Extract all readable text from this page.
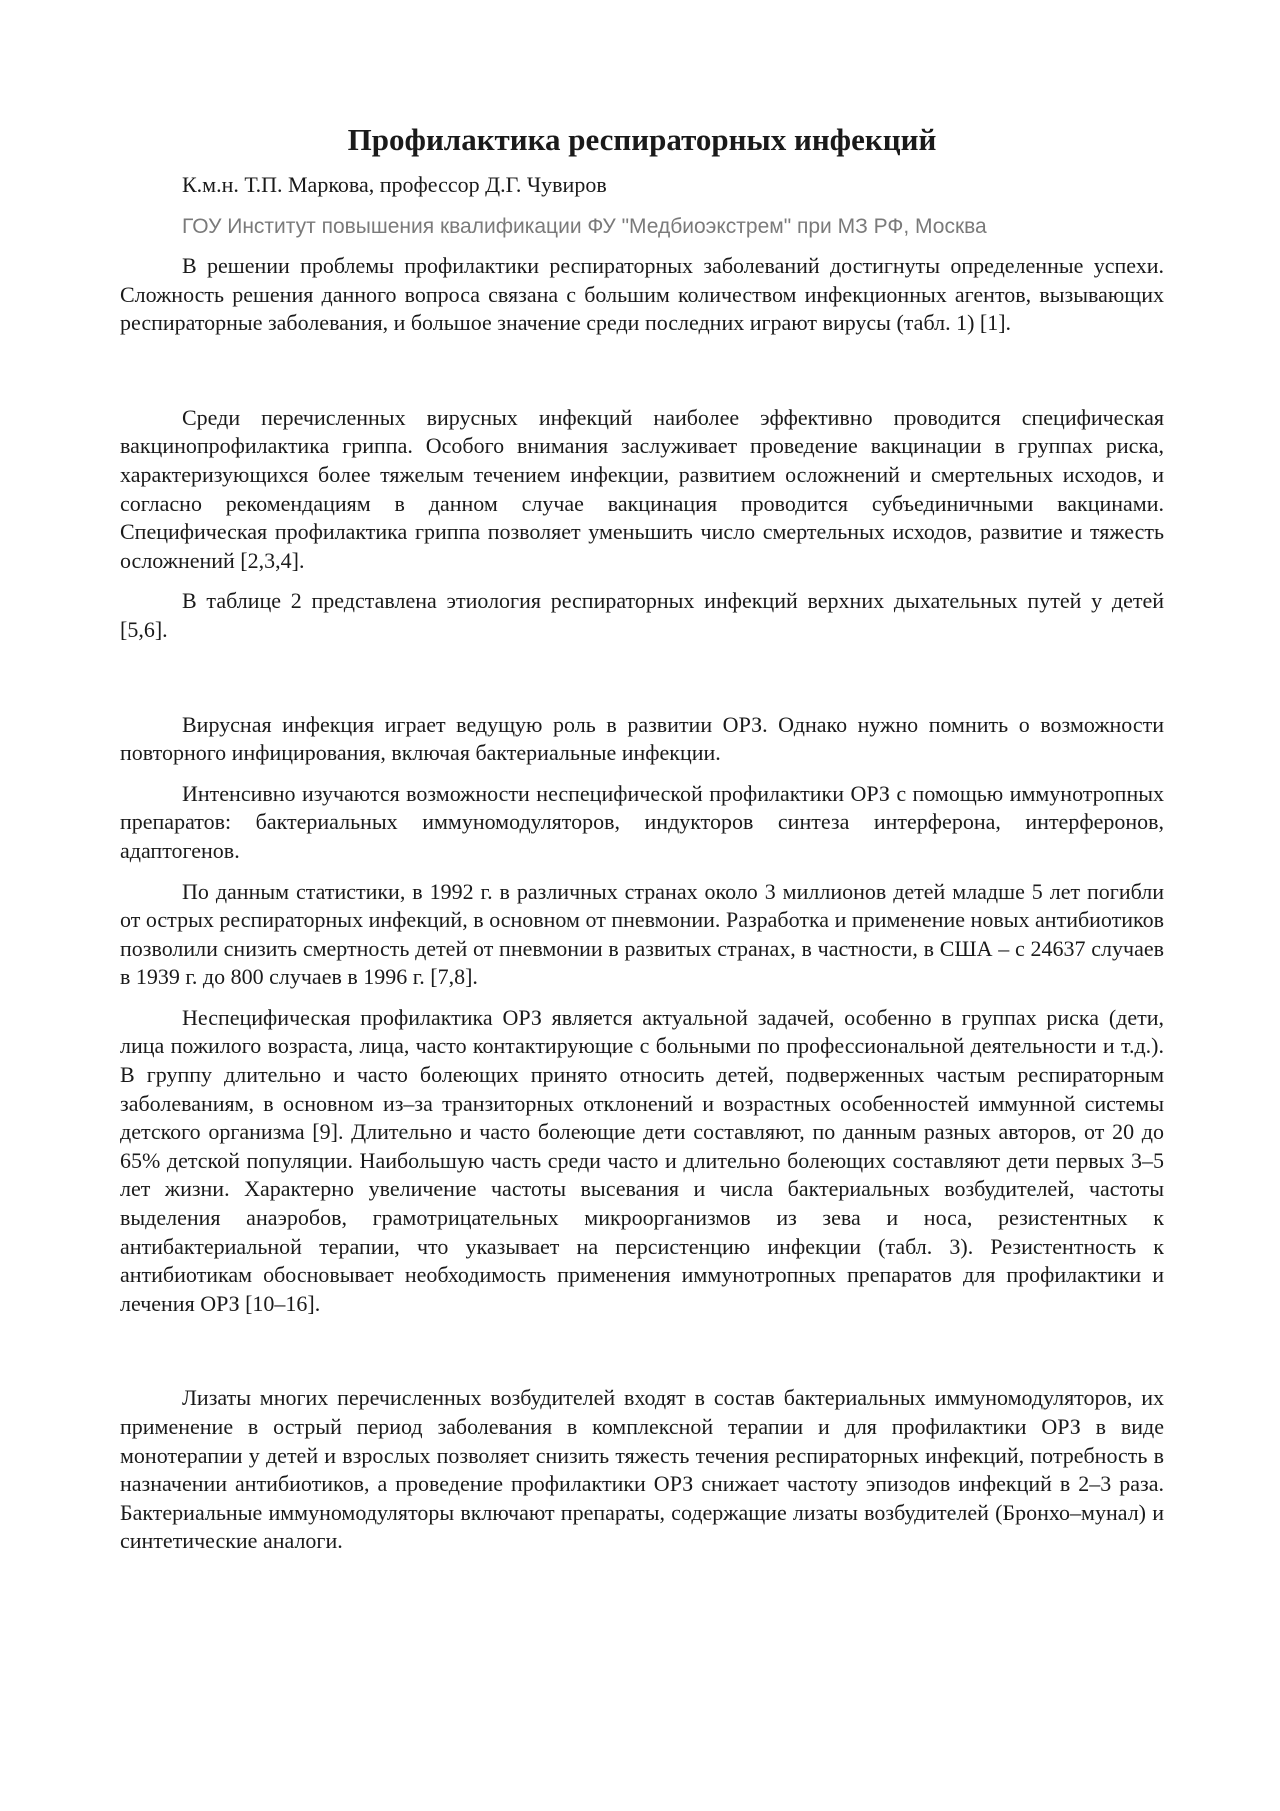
Профилактика респираторных инфекций
К.м.н. Т.П. Маркова, профессор Д.Г. Чувиров
ГОУ Институт повышения квалификации ФУ "Медбиоэкстрем" при МЗ РФ, Москва

В решении проблемы профилактики респираторных заболеваний достигнуты определенные успехи. Сложность решения данного вопроса связана с большим количеством инфекционных агентов, вызывающих респираторные заболевания, и большое значение среди последних играют вирусы (табл. 1) [1].

Среди перечисленных вирусных инфекций наиболее эффективно проводится специфическая вакцинопрофилактика гриппа. Особого внимания заслуживает проведение вакцинации в группах риска, характеризующихся более тяжелым течением инфекции, развитием осложнений и смертельных исходов, и согласно рекомендациям в данном случае вакцинация проводится субъединичными вакцинами. Специфическая профилактика гриппа позволяет уменьшить число смертельных исходов, развитие и тяжесть осложнений [2,3,4].

В таблице 2 представлена этиология респираторных инфекций верхних дыхательных путей у детей [5,6].

Вирусная инфекция играет ведущую роль в развитии ОРЗ. Однако нужно помнить о возможности повторного инфицирования, включая бактериальные инфекции.

Интенсивно изучаются возможности неспецифической профилактики ОРЗ с помощью иммунотропных препаратов: бактериальных иммуномодуляторов, индукторов синтеза интерферона, интерферонов, адаптогенов.

По данным статистики, в 1992 г. в различных странах около 3 миллионов детей младше 5 лет погибли от острых респираторных инфекций, в основном от пневмонии. Разработка и применение новых антибиотиков позволили снизить смертность детей от пневмонии в развитых странах, в частности, в США – с 24637 случаев в 1939 г. до 800 случаев в 1996 г. [7,8].

Неспецифическая профилактика ОРЗ является актуальной задачей, особенно в группах риска (дети, лица пожилого возраста, лица, часто контактирующие с больными по профессиональной деятельности и т.д.). В группу длительно и часто болеющих принято относить детей, подверженных частым респираторным заболеваниям, в основном из–за транзиторных отклонений и возрастных особенностей иммунной системы детского организма [9]. Длительно и часто болеющие дети составляют, по данным разных авторов, от 20 до 65% детской популяции. Наибольшую часть среди часто и длительно болеющих составляют дети первых 3–5 лет жизни. Характерно увеличение частоты высевания и числа бактериальных возбудителей, частоты выделения анаэробов, грамотрицательных микроорганизмов из зева и носа, резистентных к антибактериальной терапии, что указывает на персистенцию инфекции (табл. 3). Резистентность к антибиотикам обосновывает необходимость применения иммунотропных препаратов для профилактики и лечения ОРЗ [10–16].

Лизаты многих перечисленных возбудителей входят в состав бактериальных иммуномодуляторов, их применение в острый период заболевания в комплексной терапии и для профилактики ОРЗ в виде монотерапии у детей и взрослых позволяет снизить тяжесть течения респираторных инфекций, потребность в назначении антибиотиков, а проведение профилактики ОРЗ снижает частоту эпизодов инфекций в 2–3 раза. Бактериальные иммуномодуляторы включают препараты, содержащие лизаты возбудителей (Бронхо–мунал) и синтетические аналоги.
